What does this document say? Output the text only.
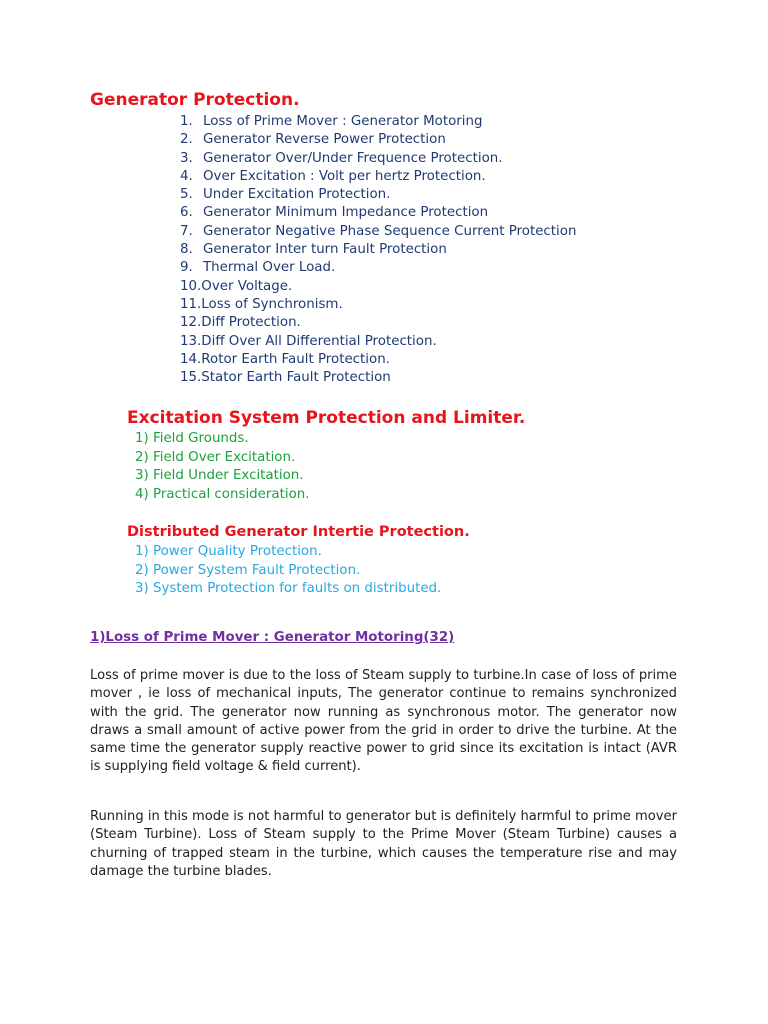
Generator Protection.
1. Loss of Prime Mover : Generator Motoring
2. Generator Reverse Power Protection
3. Generator Over/Under Frequence Protection.
4. Over Excitation : Volt per hertz Protection.
5. Under Excitation Protection.
6. Generator Minimum Impedance Protection
7. Generator Negative Phase Sequence Current Protection
8. Generator Inter turn Fault Protection
9. Thermal Over Load.
10.Over Voltage.
11.Loss of Synchronism.
12.Diff Protection.
13.Diff Over All Differential Protection.
14.Rotor Earth Fault Protection.
15.Stator Earth Fault Protection
Excitation System Protection and Limiter.
1) Field Grounds.
2) Field Over Excitation.
3) Field Under Excitation.
4) Practical consideration.
Distributed Generator Intertie Protection.
1) Power Quality Protection.
2) Power System Fault Protection.
3) System Protection for faults on distributed.
1)Loss of Prime Mover : Generator Motoring(32)

Loss of prime mover is due to the loss of Steam supply to turbine.In case of loss of prime mover , ie loss of mechanical inputs, The generator continue to remains synchronized with the grid. The generator now running as synchronous motor. The generator now draws a small amount of active power from the grid in order to drive the turbine. At the same time the generator supply reactive power to grid since its excitation is intact (AVR is supplying field voltage & field current).

Running in this mode is not harmful to generator but is definitely harmful to prime mover (Steam Turbine). Loss of Steam supply to the Prime Mover (Steam Turbine) causes a churning of trapped steam in the turbine, which causes the temperature rise and may damage the turbine blades.
